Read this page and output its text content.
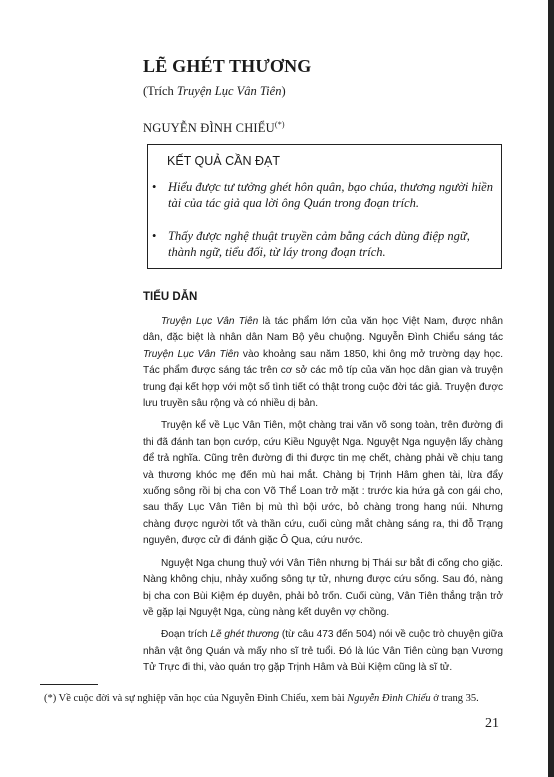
LẼ GHÉT THƯƠNG
(Trích Truyện Lục Vân Tiên)
NGUYỄN ĐÌNH CHIỂU(*)
KẾT QUẢ CẦN ĐẠT
• Hiểu được tư tưởng ghét hôn quân, bạo chúa, thương người hiền tài của tác giả qua lời ông Quán trong đoạn trích.
• Thấy được nghệ thuật truyền cảm bằng cách dùng điệp ngữ, thành ngữ, tiểu đối, từ láy trong đoạn trích.
TIỂU DẪN

Truyện Lục Vân Tiên là tác phẩm lớn của văn học Việt Nam, được nhân dân, đặc biệt là nhân dân Nam Bộ yêu chuộng. Nguyễn Đình Chiểu sáng tác Truyện Lục Vân Tiên vào khoảng sau năm 1850, khi ông mở trường dạy học. Tác phẩm được sáng tác trên cơ sở các mô típ của văn học dân gian và truyện trung đại kết hợp với một số tình tiết có thật trong cuộc đời tác giả. Truyện được lưu truyền sâu rộng và có nhiều dị bản.

Truyện kể về Lục Vân Tiên, một chàng trai văn võ song toàn, trên đường đi thi đã đánh tan bọn cướp, cứu Kiều Nguyệt Nga. Nguyệt Nga nguyện lấy chàng để trả nghĩa. Cũng trên đường đi thi được tin mẹ chết, chàng phải về chịu tang và thương khóc mẹ đến mù hai mắt. Chàng bị Trịnh Hâm ghen tài, lừa đẩy xuống sông rồi bị cha con Võ Thể Loan trở mặt : trước kia hứa gả con gái cho, sau thấy Lục Vân Tiên bị mù thì bội ước, bỏ chàng trong hang núi. Nhưng chàng được người tốt và thần cứu, cuối cùng mắt chàng sáng ra, thi đỗ Trạng nguyên, được cử đi đánh giặc Ô Qua, cứu nước.

Nguyệt Nga chung thuỷ với Vân Tiên nhưng bị Thái sư bắt đi cống cho giặc. Nàng không chịu, nhảy xuống sông tự tử, nhưng được cứu sống. Sau đó, nàng bị cha con Bùi Kiệm ép duyên, phải bỏ trốn. Cuối cùng, Vân Tiên thắng trận trở về gặp lại Nguyệt Nga, cùng nàng kết duyên vợ chồng.

Đoạn trích Lẽ ghét thương (từ câu 473 đến 504) nói về cuộc trò chuyện giữa nhân vật ông Quán và mấy nho sĩ trẻ tuổi. Đó là lúc Vân Tiên cùng bạn Vương Tử Trực đi thi, vào quán trọ gặp Trịnh Hâm và Bùi Kiệm cũng là sĩ tử.

(*) Về cuộc đời và sự nghiệp văn học của Nguyễn Đình Chiểu, xem bài Nguyễn Đình Chiểu ở trang 35.
21
